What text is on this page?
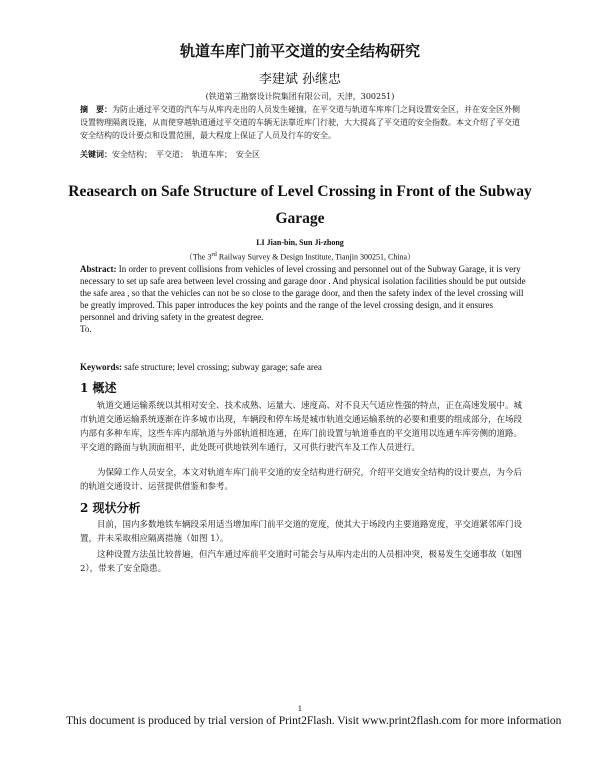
轨道车库门前平交道的安全结构研究
李建斌 孙继忠
(铁道第三勘察设计院集团有限公司，天津，300251)
摘　要：为防止通过平交道的汽车与从库内走出的人员发生碰撞，在平交道与轨道车库库门之间设置安全区，并在安全区外侧设置物理隔离设施，从而使穿越轨道通过平交道的车辆无法靠近库门行驶，大大提高了平交道的安全指数。本文介绍了平交道安全结构的设计要点和设置范围，最大程度上保证了人员及行车的安全。
关键词：安全结构；　平交道；　轨道车库；　安全区
Reasearch on Safe Structure of Level Crossing in Front of the Subway Garage
LI Jian-bin, Sun Ji-zhong
（The 3rd Railway Survey & Design Institute, Tianjin 300251, China）

Abstract: In order to prevent collisions from vehicles of level crossing and personnel out of the Subway Garage, it is very necessary to set up safe area between level crossing and garage door . And physical isolation facilities should be put outside the safe area , so that the vehicles can not be so close to the garage door, and then the safety index of the level crossing will be greatly improved. This paper introduces the key points and the range of the level crossing design, and it ensures personnel and driving safety in the greatest degree.

To.

Keywords: safe structure; level crossing; subway garage; safe area
1 概述

轨道交通运输系统以其相对安全、技术成熟、运量大、速度高、对不良天气适应性强的特点，正在高速发展中。城市轨道交通运输系统逐渐在许多城市出现，车辆段和停车场是城市轨道交通运输系统的必要和重要的组成部分，在场段内部有多种车库，这些车库内部轨道与外部轨道相连通，在库门前设置与轨道垂直的平交道用以连通车库旁侧的道路。平交道的路面与轨顶面相平，此处既可供地铁列车通行，又可供行驶汽车及工作人员进行。

为保障工作人员安全，本文对轨道车库门前平交道的安全结构进行研究，介绍平交道安全结构的设计要点，为今后的轨道交通设计、运营提供借鉴和参考。

2 现状分析

目前，国内多数地铁车辆段采用适当增加库门前平交道的宽度，使其大于场段内主要道路宽度，平交道紧邻库门设置，并未采取相应隔离措施（如图 1）。

这种设置方法虽比较普遍，但汽车通过库前平交道时可能会与从库内走出的人员相冲突，极易发生交通事故（如图 2），带来了安全隐患。

1
This document is produced by trial version of Print2Flash. Visit www.print2flash.com for more information
